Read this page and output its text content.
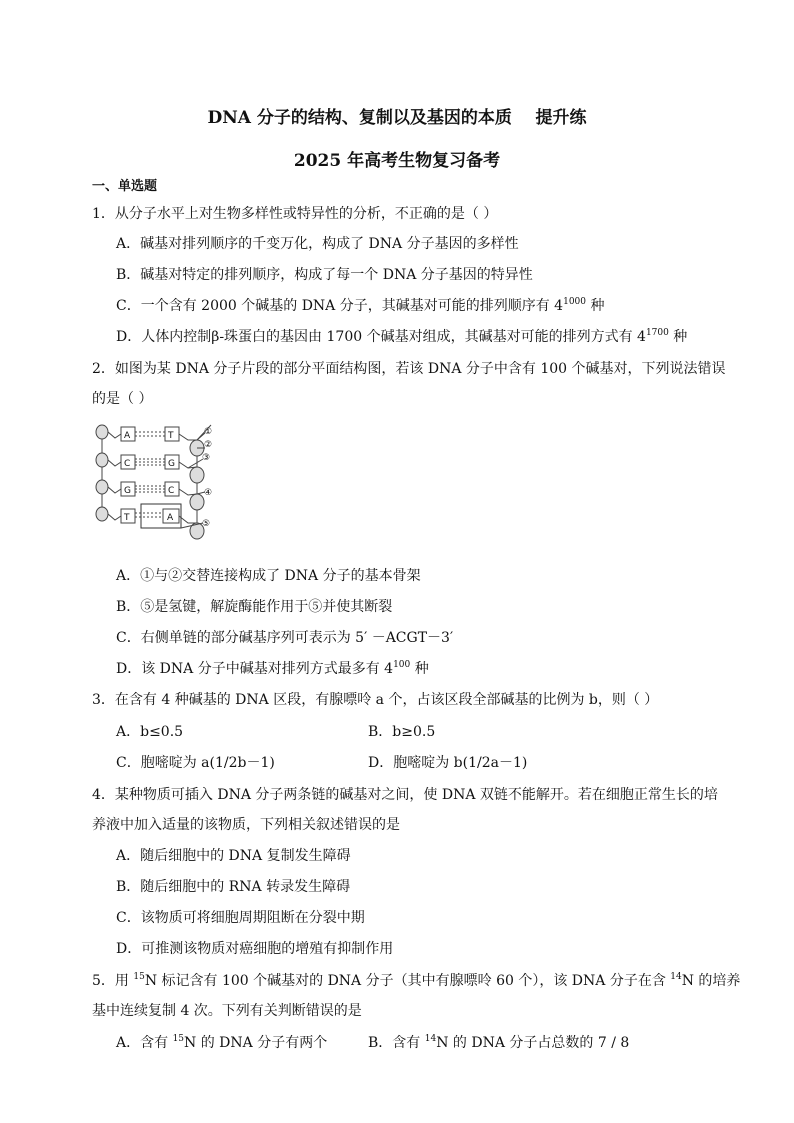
DNA 分子的结构、复制以及基因的本质    提升练
2025 年高考生物复习备考
一、单选题
1．从分子水平上对生物多样性或特异性的分析，不正确的是（ ）
A．碱基对排列顺序的千变万化，构成了 DNA 分子基因的多样性
B．碱基对特定的排列顺序，构成了每一个 DNA 分子基因的特异性
C．一个含有 2000 个碱基的 DNA 分子，其碱基对可能的排列顺序有 $4^{1000}$ 种
D．人体内控制β-珠蛋白的基因由 1700 个碱基对组成，其碱基对可能的排列方式有 $4^{1700}$ 种
2．如图为某 DNA 分子片段的部分平面结构图，若该 DNA 分子中含有 100 个碱基对，下列说法错误
的是（ ）
A
C
G
T
T
G
C
A
①
②
③
④
⑤
A．①与②交替连接构成了 DNA 分子的基本骨架
B．⑤是氢键，解旋酶能作用于⑤并使其断裂
C．右侧单链的部分碱基序列可表示为 5′ －ACGT－3′
D．该 DNA 分子中碱基对排列方式最多有 $4^{100}$ 种
3．在含有 4 种碱基的 DNA 区段，有腺嘌呤 a 个，占该区段全部碱基的比例为 b，则（ ）
A．b≤0.5	B．b≥0.5
C．胞嘧啶为 a(1/2b－1)	D．胞嘧啶为 b(1/2a－1)
4．某种物质可插入 DNA 分子两条链的碱基对之间，使 DNA 双链不能解开。若在细胞正常生长的培
养液中加入适量的该物质，下列相关叙述错误的是
A．随后细胞中的 DNA 复制发生障碍
B．随后细胞中的 RNA 转录发生障碍
C．该物质可将细胞周期阻断在分裂中期
D．可推测该物质对癌细胞的增殖有抑制作用
5．用 $^{15}$N 标记含有 100 个碱基对的 DNA 分子（其中有腺嘌呤 60 个），该 DNA 分子在含 $^{14}$N 的培养
基中连续复制 4 次。下列有关判断错误的是
A．含有 $^{15}$N 的 DNA 分子有两个	B．含有 $^{14}$N 的 DNA 分子占总数的 7 / 8
